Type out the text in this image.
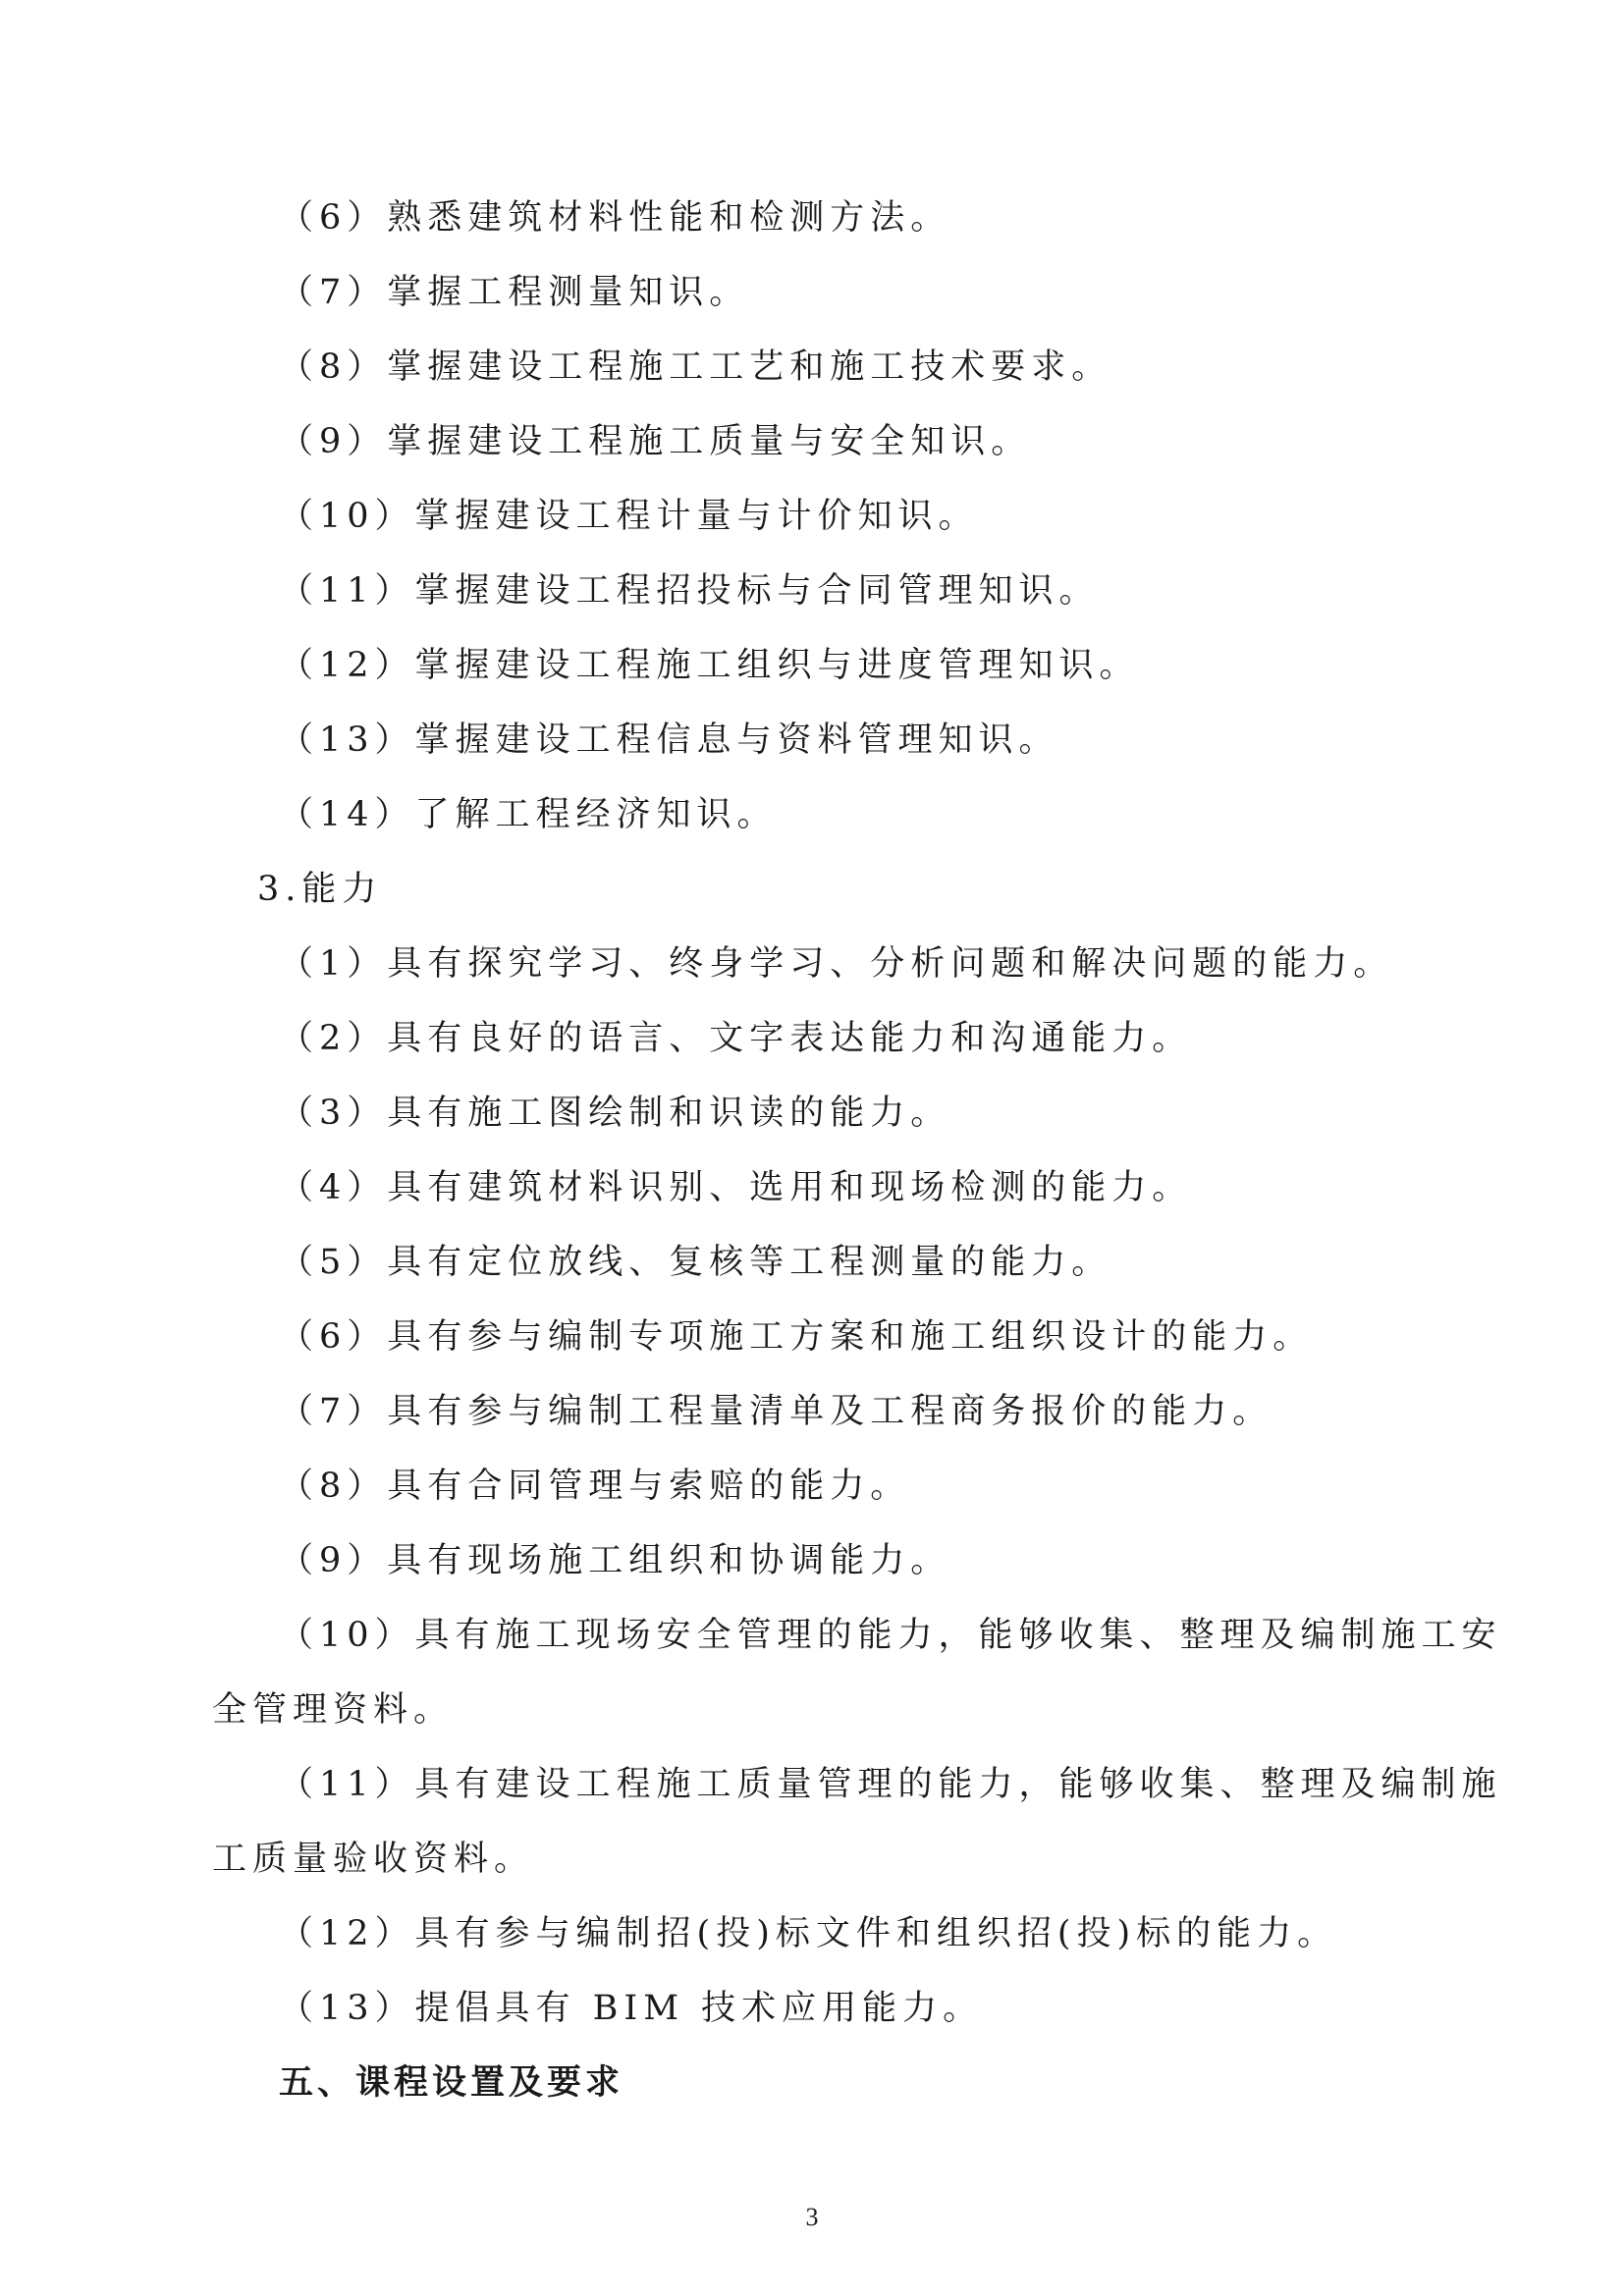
（6）熟悉建筑材料性能和检测方法。
（7）掌握工程测量知识。
（8）掌握建设工程施工工艺和施工技术要求。
（9）掌握建设工程施工质量与安全知识。
（10）掌握建设工程计量与计价知识。
（11）掌握建设工程招投标与合同管理知识。
（12）掌握建设工程施工组织与进度管理知识。
（13）掌握建设工程信息与资料管理知识。
（14）了解工程经济知识。
3.能力
（1）具有探究学习、终身学习、分析问题和解决问题的能力。
（2）具有良好的语言、文字表达能力和沟通能力。
（3）具有施工图绘制和识读的能力。
（4）具有建筑材料识别、选用和现场检测的能力。
（5）具有定位放线、复核等工程测量的能力。
（6）具有参与编制专项施工方案和施工组织设计的能力。
（7）具有参与编制工程量清单及工程商务报价的能力。
（8）具有合同管理与索赔的能力。
（9）具有现场施工组织和协调能力。
（10）具有施工现场安全管理的能力，能够收集、整理及编制施工安
全管理资料。
（11）具有建设工程施工质量管理的能力，能够收集、整理及编制施
工质量验收资料。
（12）具有参与编制招(投)标文件和组织招(投)标的能力。
（13）提倡具有 BIM 技术应用能力。
五、课程设置及要求
3
